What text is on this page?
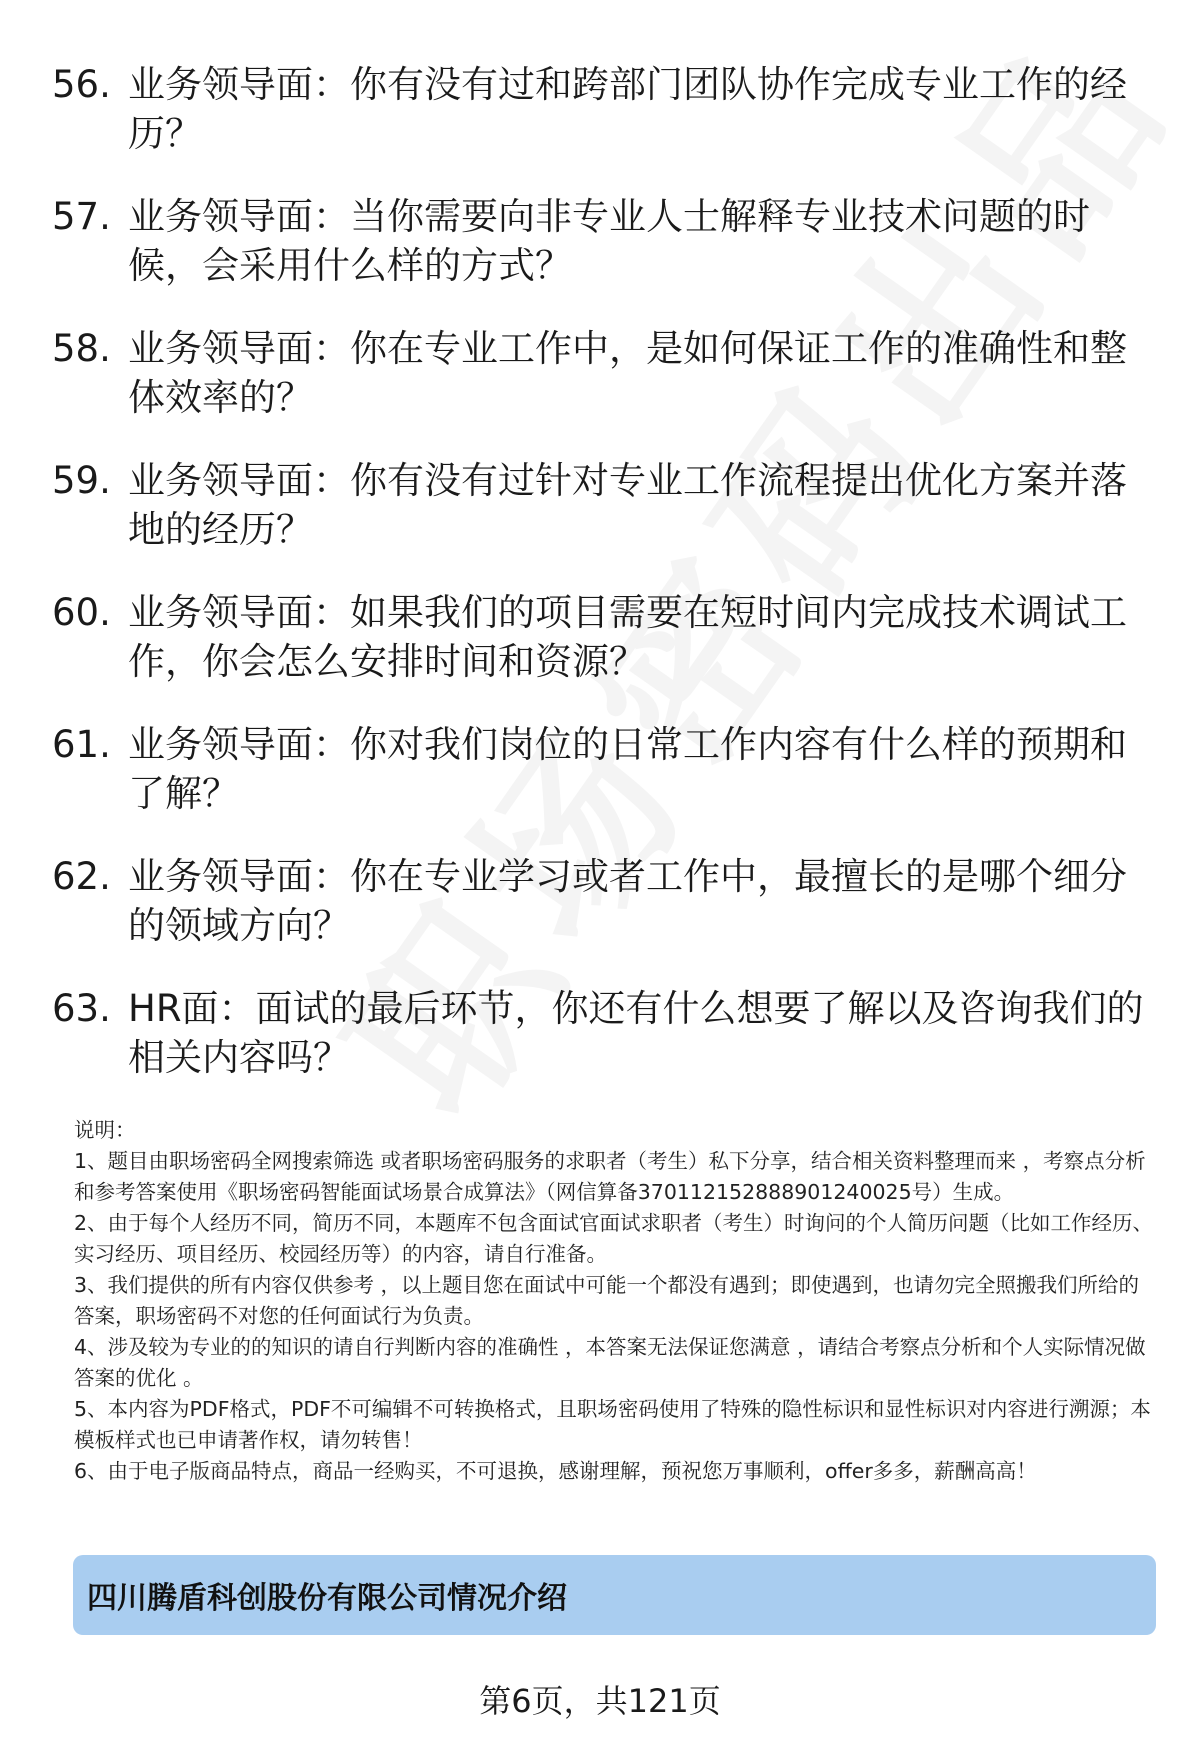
56. 业务领导面：你有没有过和跨部门团队协作完成专业工作的经历？
57. 业务领导面：当你需要向非专业人士解释专业技术问题的时候，会采用什么样的方式？
58. 业务领导面：你在专业工作中，是如何保证工作的准确性和整体效率的？
59. 业务领导面：你有没有过针对专业工作流程提出优化方案并落地的经历？
60. 业务领导面：如果我们的项目需要在短时间内完成技术调试工作，你会怎么安排时间和资源？
61. 业务领导面：你对我们岗位的日常工作内容有什么样的预期和了解？
62. 业务领导面：你在专业学习或者工作中，最擅长的是哪个细分的领域方向？
63. HR面：面试的最后环节，你还有什么想要了解以及咨询我们的相关内容吗？

说明：

1、题目由职场密码全网搜索筛选 或者职场密码服务的求职者（考生）私下分享，结合相关资料整理而来 ，考察点分析和参考答案使用《职场密码智能面试场景合成算法》（网信算备370112152888901240025号）生成。

2、由于每个人经历不同，简历不同，本题库不包含面试官面试求职者（考生）时询问的个人简历问题（比如工作经历、实习经历、项目经历、校园经历等）的内容，请自行准备。

3、我们提供的所有内容仅供参考 ，以上题目您在面试中可能一个都没有遇到；即使遇到，也请勿完全照搬我们所给的答案，职场密码不对您的任何面试行为负责。

4、涉及较为专业的的知识的请自行判断内容的准确性 ，本答案无法保证您满意 ，请结合考察点分析和个人实际情况做答案的优化 。

5、本内容为PDF格式，PDF不可编辑不可转换格式，且职场密码使用了特殊的隐性标识和显性标识对内容进行溯源；本模板样式也已申请著作权，请勿转售！

6、由于电子版商品特点，商品一经购买，不可退换，感谢理解，预祝您万事顺利，offer多多，薪酬高高！

四川腾盾科创股份有限公司情况介绍
第6页，共121页
